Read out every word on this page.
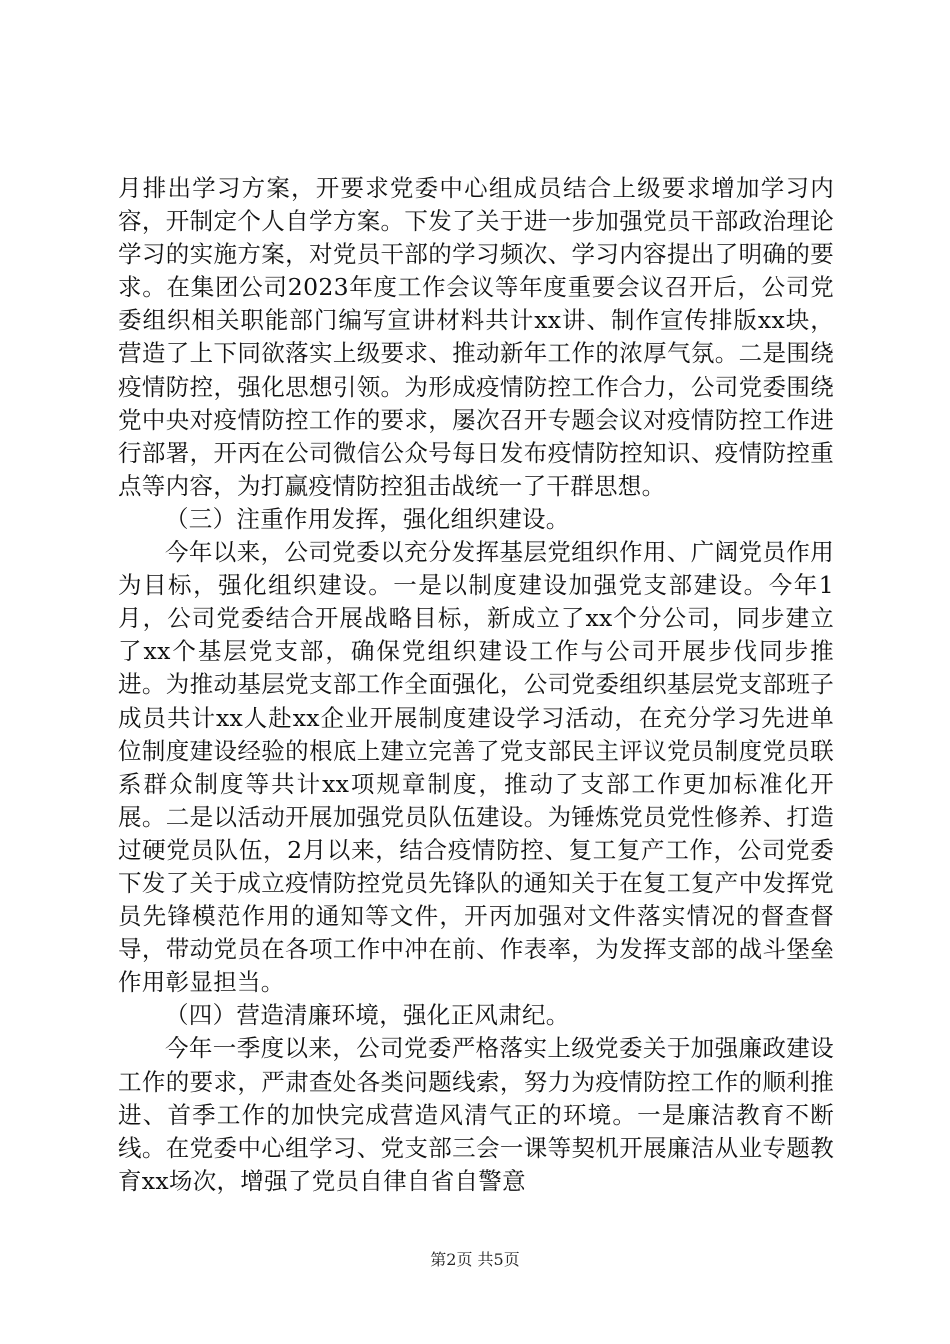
月排出学习方案，开要求党委中心组成员结合上级要求增加学习内容，开制定个人自学方案。下发了关于进一步加强党员干部政治理论学习的实施方案，对党员干部的学习频次、学习内容提出了明确的要求。在集团公司2023年度工作会议等年度重要会议召开后，公司党委组织相关职能部门编写宣讲材料共计xx讲、制作宣传排版xx块，营造了上下同欲落实上级要求、推动新年工作的浓厚气氛。二是围绕疫情防控，强化思想引领。为形成疫情防控工作合力，公司党委围绕党中央对疫情防控工作的要求，屡次召开专题会议对疫情防控工作进行部署，开丙在公司微信公众号每日发布疫情防控知识、疫情防控重点等内容，为打赢疫情防控狙击战统一了干群思想。

（三）注重作用发挥，强化组织建设。

今年以来，公司党委以充分发挥基层党组织作用、广阔党员作用为目标，强化组织建设。一是以制度建设加强党支部建设。今年1月，公司党委结合开展战略目标，新成立了xx个分公司，同步建立了xx个基层党支部，确保党组织建设工作与公司开展步伐同步推进。为推动基层党支部工作全面强化，公司党委组织基层党支部班子成员共计xx人赴xx企业开展制度建设学习活动，在充分学习先进单位制度建设经验的根底上建立完善了党支部民主评议党员制度党员联系群众制度等共计xx项规章制度，推动了支部工作更加标准化开展。二是以活动开展加强党员队伍建设。为锤炼党员党性修养、打造过硬党员队伍，2月以来，结合疫情防控、复工复产工作，公司党委下发了关于成立疫情防控党员先锋队的通知关于在复工复产中发挥党员先锋模范作用的通知等文件，开丙加强对文件落实情况的督查督导，带动党员在各项工作中冲在前、作表率，为发挥支部的战斗堡垒作用彰显担当。

（四）营造清廉环境，强化正风肃纪。

今年一季度以来，公司党委严格落实上级党委关于加强廉政建设工作的要求，严肃查处各类问题线索，努力为疫情防控工作的顺利推进、首季工作的加快完成营造风清气正的环境。一是廉洁教育不断线。在党委中心组学习、党支部三会一课等契机开展廉洁从业专题教育xx场次，增强了党员自律自省自警意

第2页 共5页
